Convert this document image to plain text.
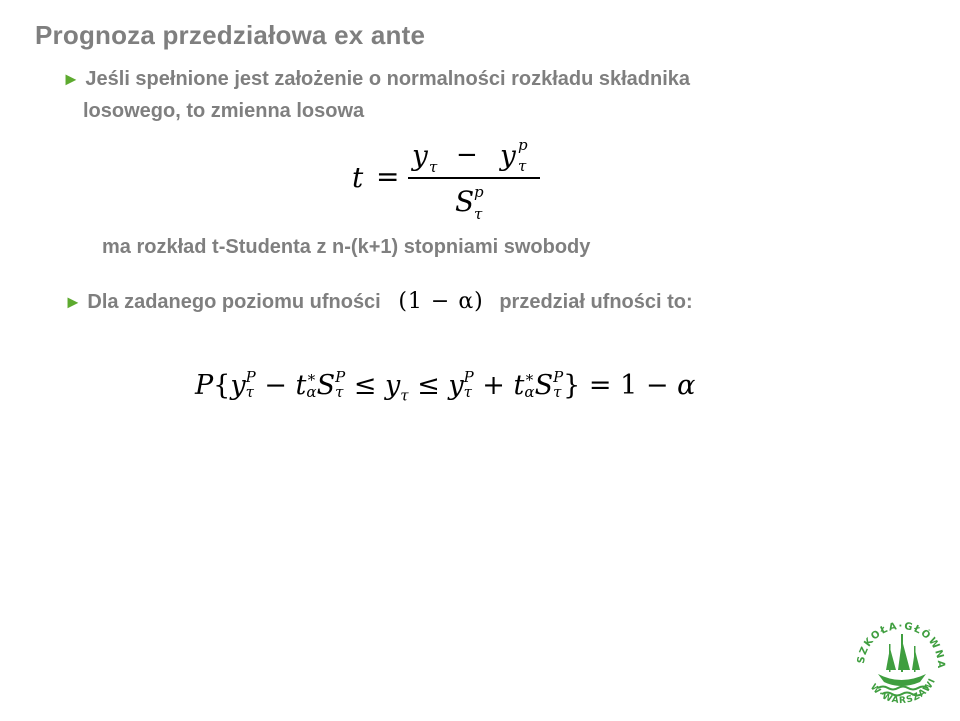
Prognoza przedziałowa ex ante
► Jeśli spełnione jest założenie o normalności rozkładu składnika
losowego, to zmienna losowa
t =
y τ − y p
τ
S p
τ
ma rozkład t-Studenta z n-(k+1) stopniami swobody
► Dla zadanego poziomu ufności (1 − α) przedział ufności to:
P{y P
τ − t ∗
α S P
$\tau \le y_\tau \le y$ P
τ + t ∗
α S P
τ } = 1 − α
SZKOŁA·GŁÓWNA
W·WARSZAWI
